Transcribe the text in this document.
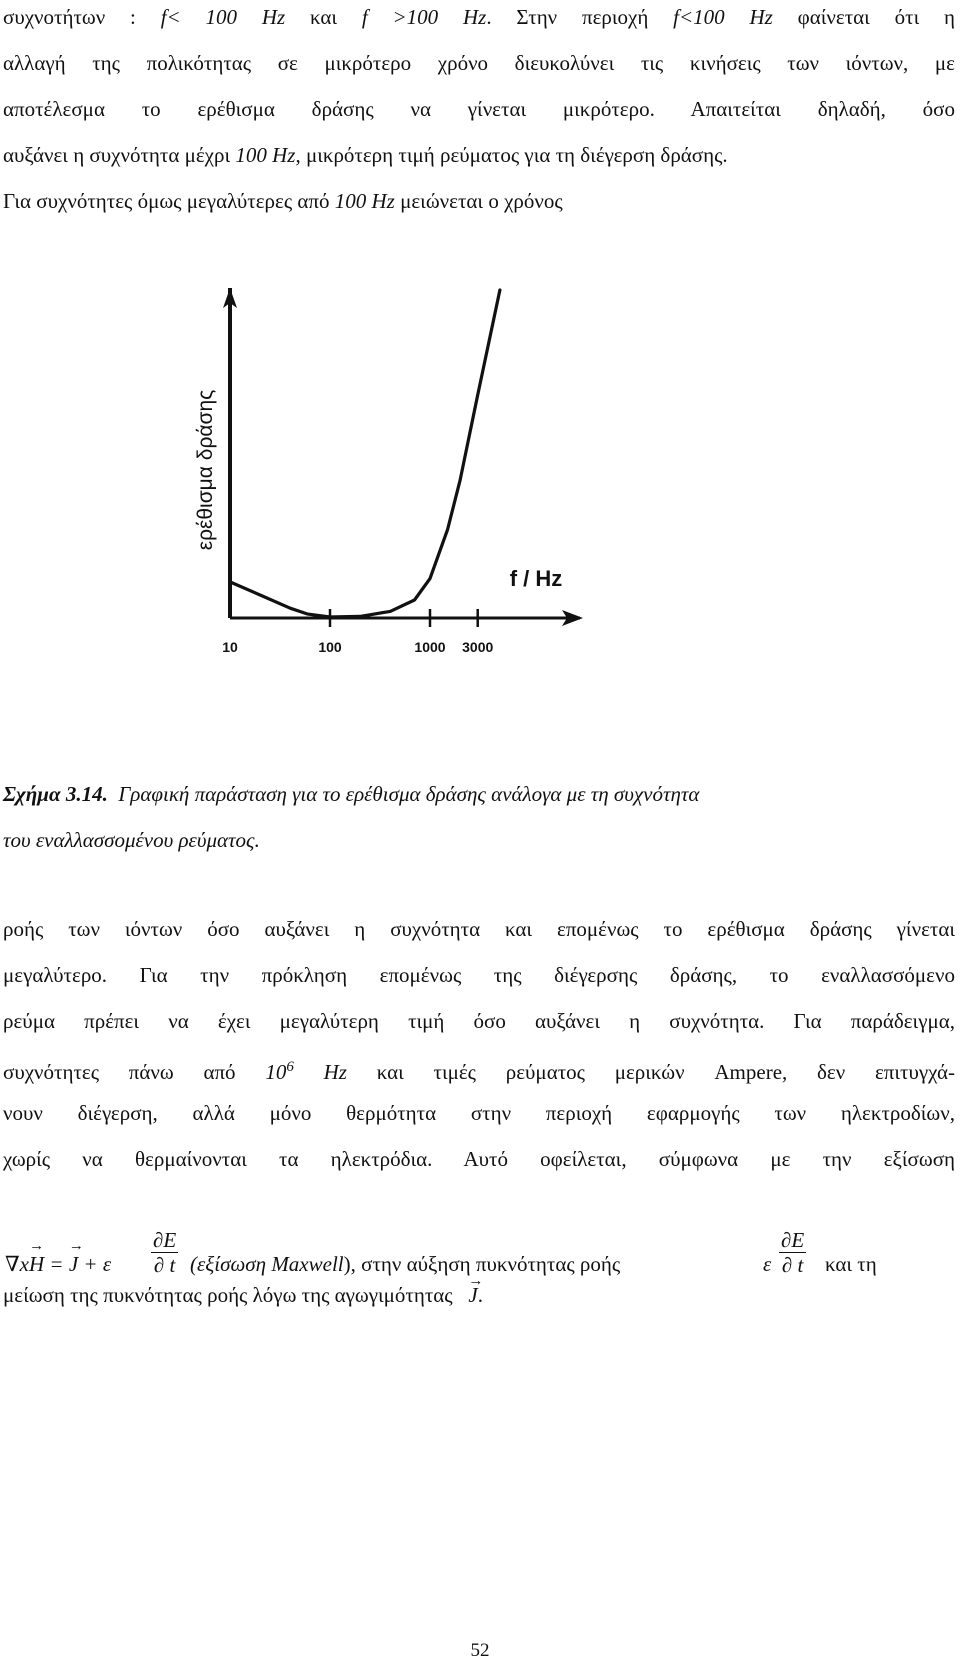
συχνοτήτων : f< 100 Hz και f >100 Hz. Στην περιοχή f<100 Hz φαίνεται ότι η
αλλαγή της πολικότητας σε μικρότερο χρόνο διευκολύνει τις κινήσεις των ιόντων, με
αποτέλεσμα το ερέθισμα δράσης να γίνεται μικρότερο. Απαιτείται δηλαδή, όσο
αυξάνει η συχνότητα μέχρι 100 Hz, μικρότερη τιμή ρεύματος για τη διέγερση δράσης.
Για συχνότητες όμως μεγαλύτερες από 100 Hz μειώνεται ο χρόνος
10	100	1000 3000
ερέθισμα δράσης
f / Hz
Σχήμα 3.14. Γραφική παράσταση για το ερέθισμα δράσης ανάλογα με τη συχνότητα
του εναλλασσομένου ρεύματος.
ροής των ιόντων όσο αυξάνει η συχνότητα και επομένως το ερέθισμα δράσης γίνεται
μεγαλύτερο. Για την πρόκληση επομένως της διέγερσης δράσης, το εναλλασσόμενο
ρεύμα πρέπει να έχει μεγαλύτερη τιμή όσο αυξάνει η συχνότητα. Για παράδειγμα,
συχνότητες πάνω από $10^6$ Hz και τιμές ρεύματος μερικών Ampere, δεν επιτυγχά-
νουν διέγερση, αλλά μόνο θερμότητα στην περιοχή εφαρμογής των ηλεκτροδίων,
χωρίς να θερμαίνονται τα ηλεκτρόδια. Αυτό οφείλεται, σύμφωνα με την εξίσωση
∇x→ H = → J + ε $\frac{\partial E}{\partial t} (\varepsilon\xi ί\sigma\omega\sigma\eta$ Maxwell), στην αύξηση πυκνότητας ροής	ε $\frac{\partial E}{\partial t}$ και τη
μείωση της πυκνότητας ροής λόγω της αγωγιμότητας   → J.
52
